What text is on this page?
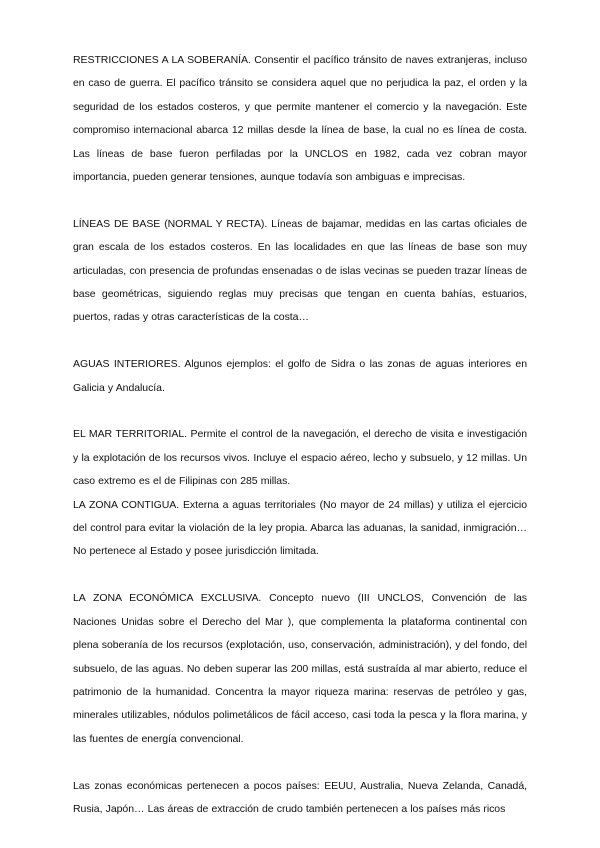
RESTRICCIONES A LA SOBERANÍA. Consentir el pacífico tránsito de naves extranjeras, incluso en caso de guerra. El pacífico tránsito se considera aquel que no perjudica la paz, el orden y la seguridad de los estados costeros, y que permite mantener el comercio y la navegación. Este compromiso internacional abarca 12 millas desde la línea de base, la cual no es línea de costa. Las líneas de base fueron perfiladas por la UNCLOS en 1982, cada vez cobran mayor importancia, pueden generar tensiones, aunque todavía son ambiguas e imprecisas.

LÍNEAS DE BASE (NORMAL Y RECTA). Líneas de bajamar, medidas en las cartas oficiales de gran escala de los estados costeros. En las localidades en que las líneas de base son muy articuladas, con presencia de profundas ensenadas o de islas vecinas se pueden trazar líneas de base geométricas, siguiendo reglas muy precisas que tengan en cuenta bahías, estuarios, puertos, radas y otras características de la costa…

AGUAS INTERIORES. Algunos ejemplos: el golfo de Sidra o las zonas de aguas interiores en Galicia y Andalucía.

EL MAR TERRITORIAL. Permite el control de la navegación, el derecho de visita e investigación y la explotación de los recursos vivos. Incluye el espacio aéreo, lecho y subsuelo, y 12 millas. Un caso extremo es el de Filipinas con 285 millas.

LA ZONA CONTIGUA. Externa a aguas territoriales (No mayor de 24 millas) y utiliza el ejercicio del control para evitar la violación de la ley propia. Abarca las aduanas, la sanidad, inmigración… No pertenece al Estado y posee jurisdicción limitada.

LA ZONA ECONÓMICA EXCLUSIVA. Concepto nuevo (III UNCLOS, Convención de las Naciones Unidas sobre el Derecho del Mar ), que complementa la plataforma continental con plena soberanía de los recursos (explotación, uso, conservación, administración), y del fondo, del subsuelo, de las aguas. No deben superar las 200 millas, está sustraída al mar abierto, reduce el patrimonio de la humanidad. Concentra la mayor riqueza marina: reservas de petróleo y gas, minerales utilizables, nódulos polimetálicos de fácil acceso, casi toda la pesca y la flora marina, y las fuentes de energía convencional.

Las zonas económicas pertenecen a pocos países: EEUU, Australia, Nueva Zelanda, Canadá, Rusia, Japón… Las áreas de extracción de crudo también pertenecen a los países más ricos
